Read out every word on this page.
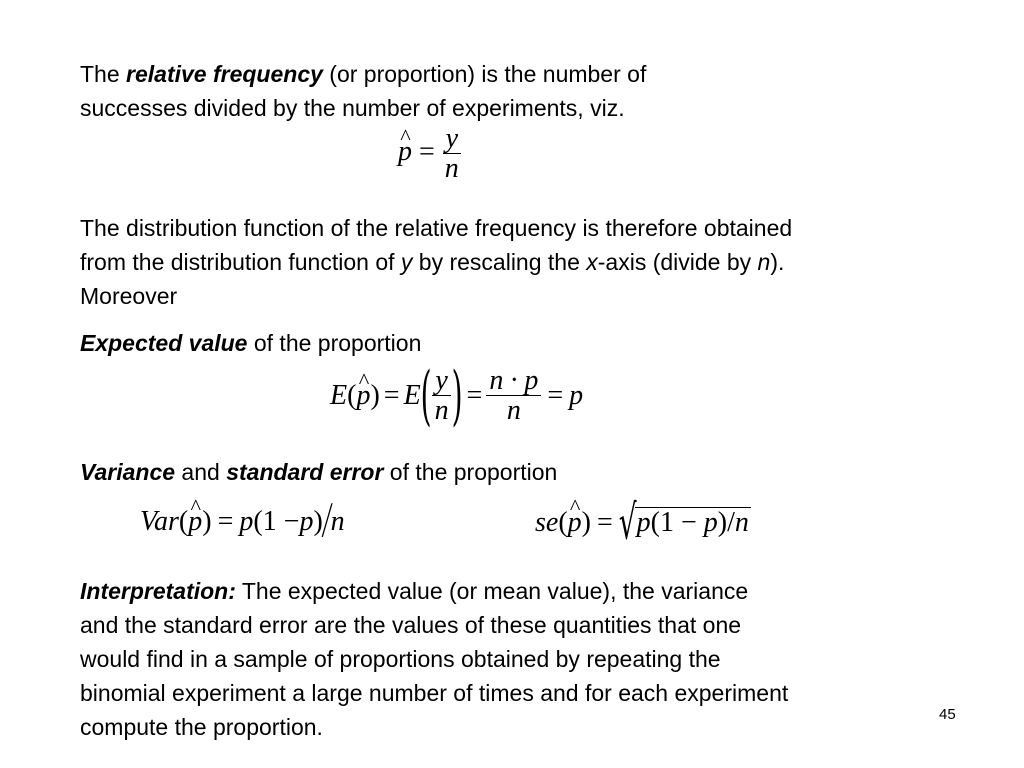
The relative frequency (or proportion) is the number of
successes divided by the number of experiments, viz.
^ $p = \frac{y}{n}$
The distribution function of the relative frequency is therefore obtained
from the distribution function of y by rescaling the x-axis (divide by n).
Moreover
Expected value of the proportion
E ( ^ p ) = E ( $\frac{y}{n}$ ) = $\frac{n \cdot p}{n} = p$
Variance and standard error of the proportion
Var ( ^ p ) = p (1 − p )
/
n	se ( ^ p ) = √ p(1 − p)/n
Interpretation: The expected value (or mean value), the variance
and the standard error are the values of these quantities that one
would find in a sample of proportions obtained by repeating the
binomial experiment a large number of times and for each experiment
compute the proportion.	45
